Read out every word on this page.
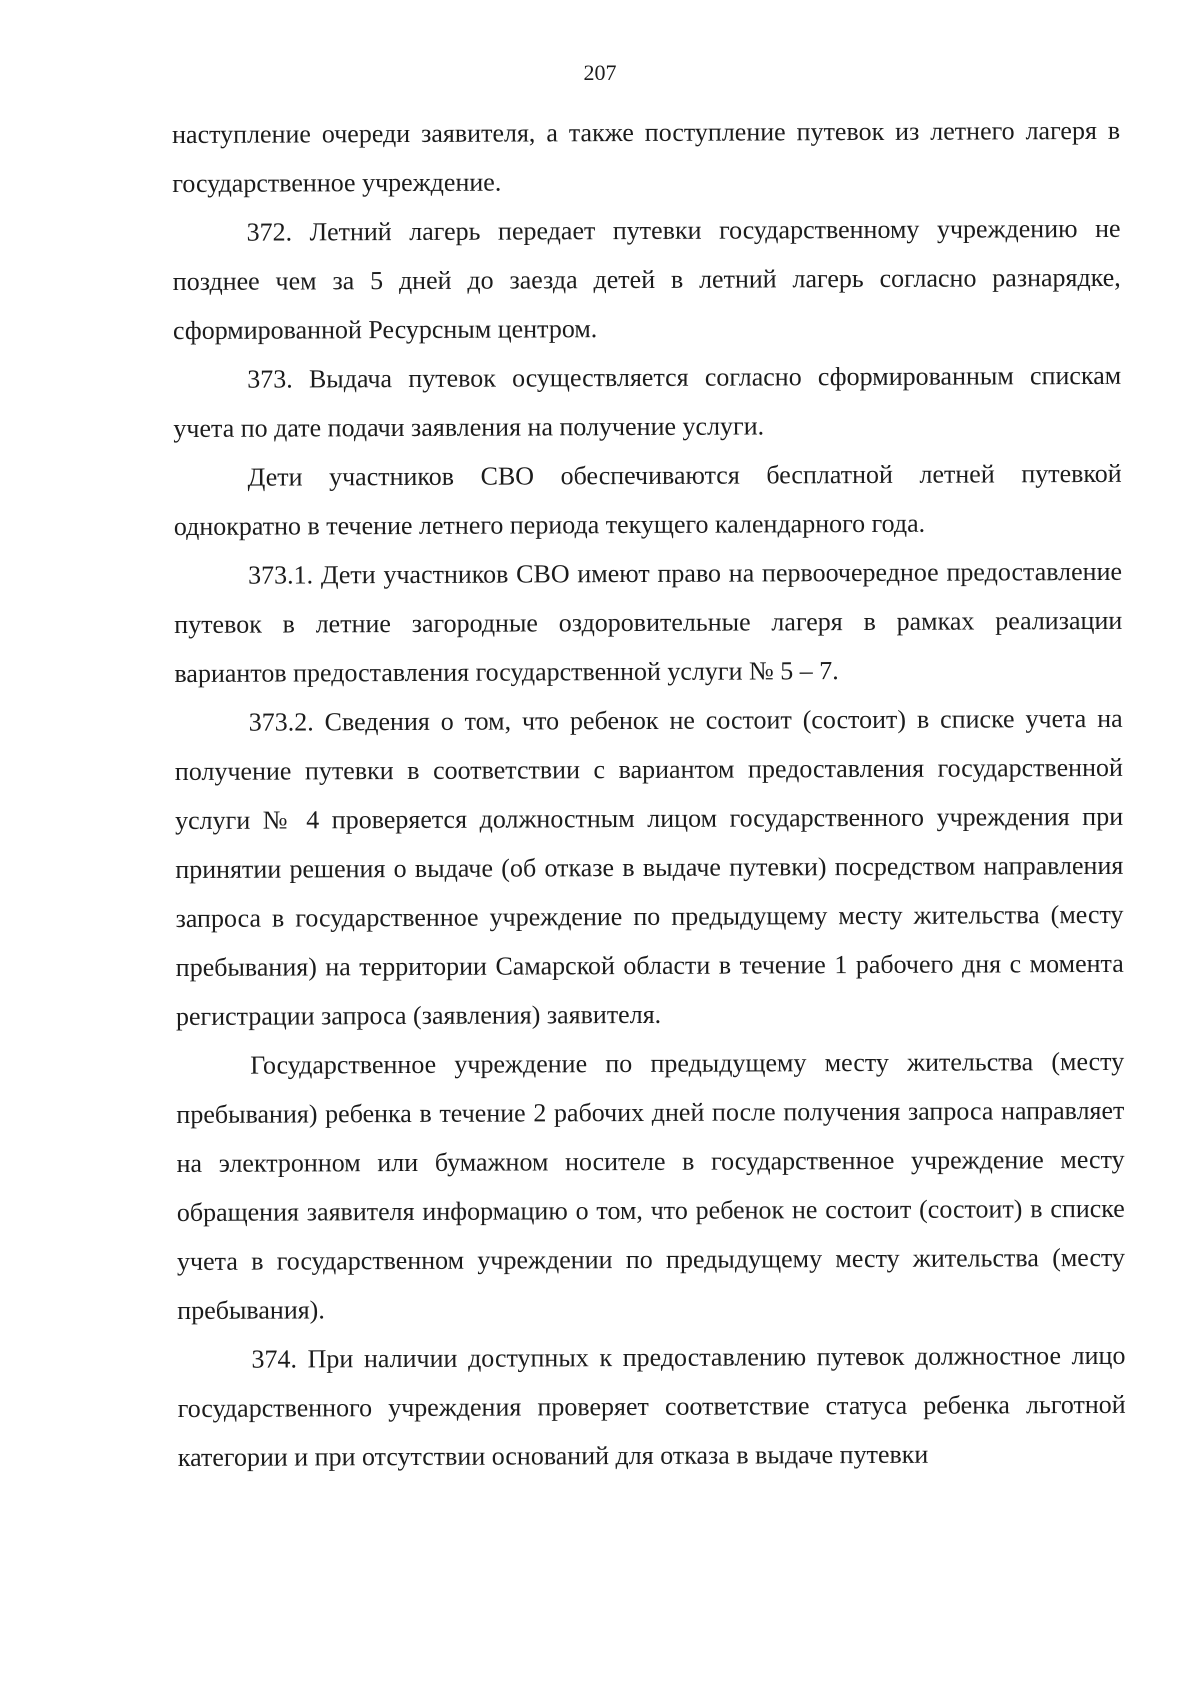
207

наступление очереди заявителя, а также поступление путевок из летнего лагеря в государственное учреждение.

372. Летний лагерь передает путевки государственному учреждению не позднее чем за 5 дней до заезда детей в летний лагерь согласно разнарядке, сформированной Ресурсным центром.

373. Выдача путевок осуществляется согласно сформированным спискам учета по дате подачи заявления на получение услуги.

Дети участников СВО обеспечиваются бесплатной летней путевкой однократно в течение летнего периода текущего календарного года.

373.1. Дети участников СВО имеют право на первоочередное предоставление путевок в летние загородные оздоровительные лагеря в рамках реализации вариантов предоставления государственной услуги № 5 – 7.

373.2. Сведения о том, что ребенок не состоит (состоит) в списке учета на получение путевки в соответствии с вариантом предоставления государственной услуги № 4 проверяется должностным лицом государственного учреждения при принятии решения о выдаче (об отказе в выдаче путевки) посредством направления запроса в государственное учреждение по предыдущему месту жительства (месту пребывания) на территории Самарской области в течение 1 рабочего дня с момента регистрации запроса (заявления) заявителя.

Государственное учреждение по предыдущему месту жительства (месту пребывания) ребенка в течение 2 рабочих дней после получения запроса направляет на электронном или бумажном носителе в государственное учреждение месту обращения заявителя информацию о том, что ребенок не состоит (состоит) в списке учета в государственном учреждении по предыдущему месту жительства (месту пребывания).

374. При наличии доступных к предоставлению путевок должностное лицо государственного учреждения проверяет соответствие статуса ребенка льготной категории и при отсутствии оснований для отказа в выдаче путевки
